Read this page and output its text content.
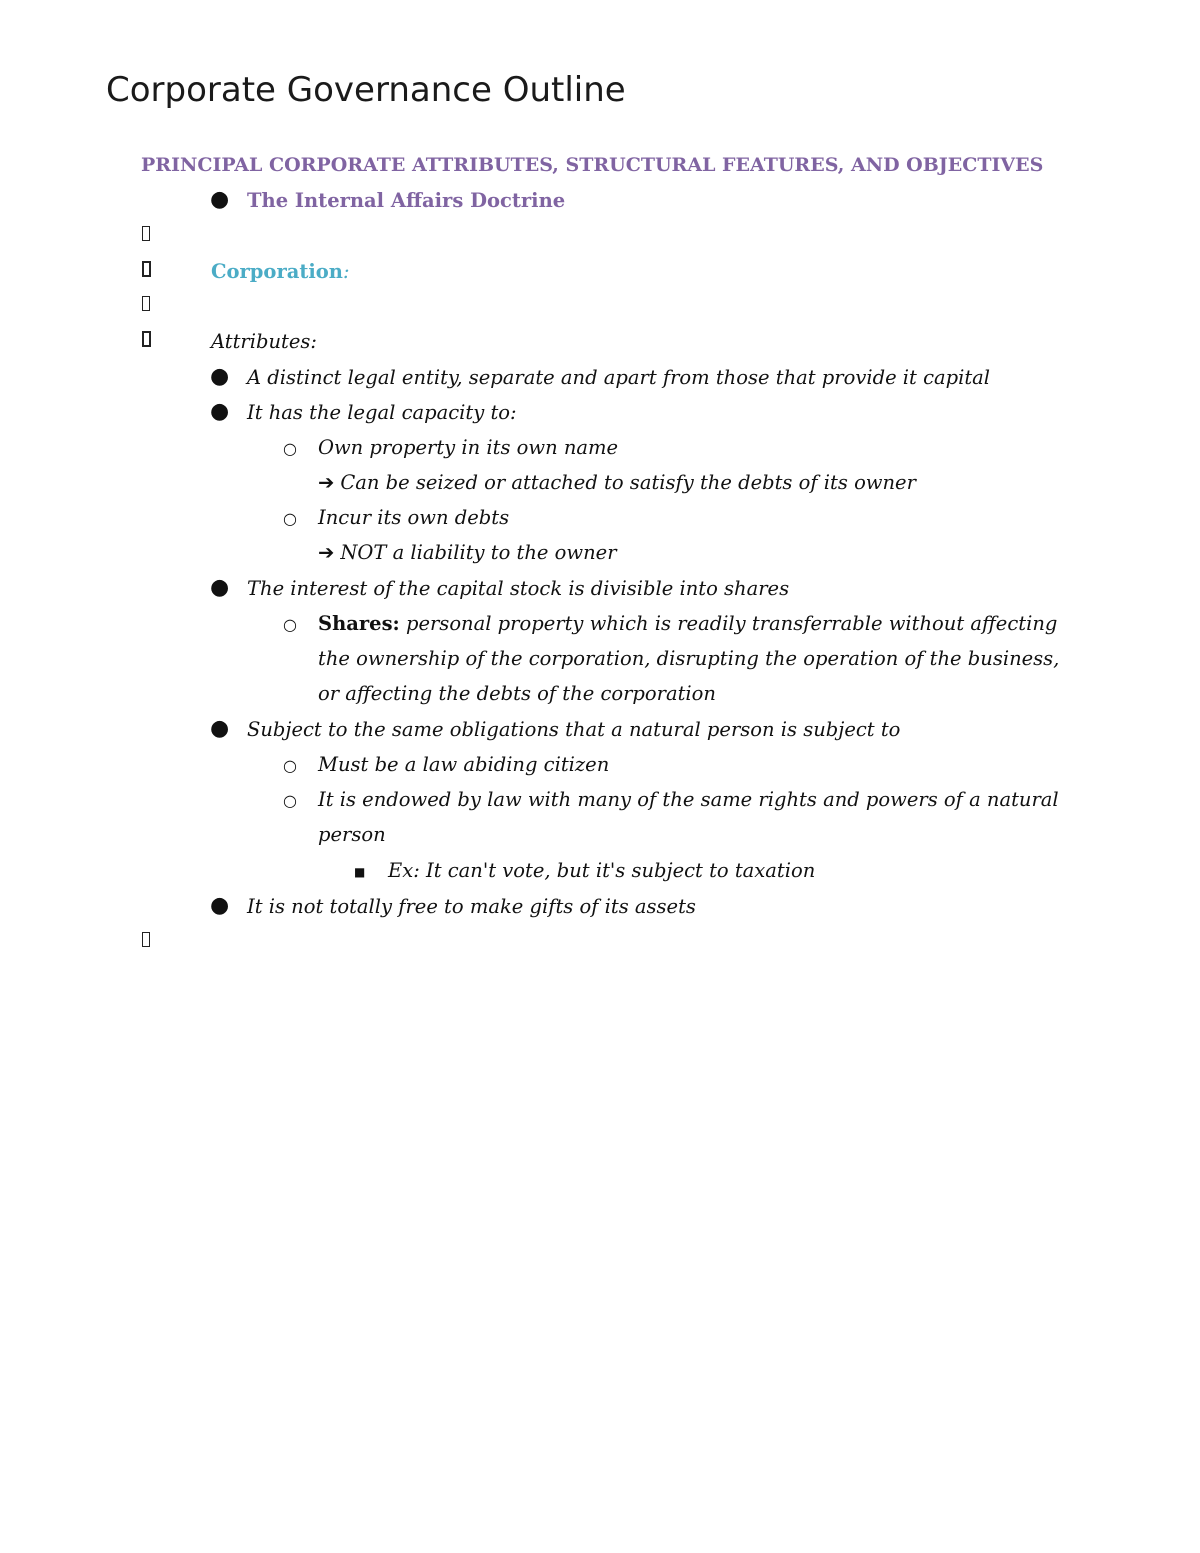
Corporate Governance Outline
PRINCIPAL CORPORATE ATTRIBUTES, STRUCTURAL FEATURES, AND OBJECTIVES
● The Internal Affairs Doctrine
Corporation:
Attributes:
● A distinct legal entity, separate and apart from those that provide it capital
● It has the legal capacity to:
○ Own property in its own name
➔ Can be seized or attached to satisfy the debts of its owner
○ Incur its own debts
➔ NOT a liability to the owner
● The interest of the capital stock is divisible into shares
○ Shares: personal property which is readily transferrable without affecting
the ownership of the corporation, disrupting the operation of the business,
or affecting the debts of the corporation
● Subject to the same obligations that a natural person is subject to
○ Must be a law abiding citizen
○ It is endowed by law with many of the same rights and powers of a natural
person
■ Ex: It can't vote, but it's subject to taxation
● It is not totally free to make gifts of its assets
